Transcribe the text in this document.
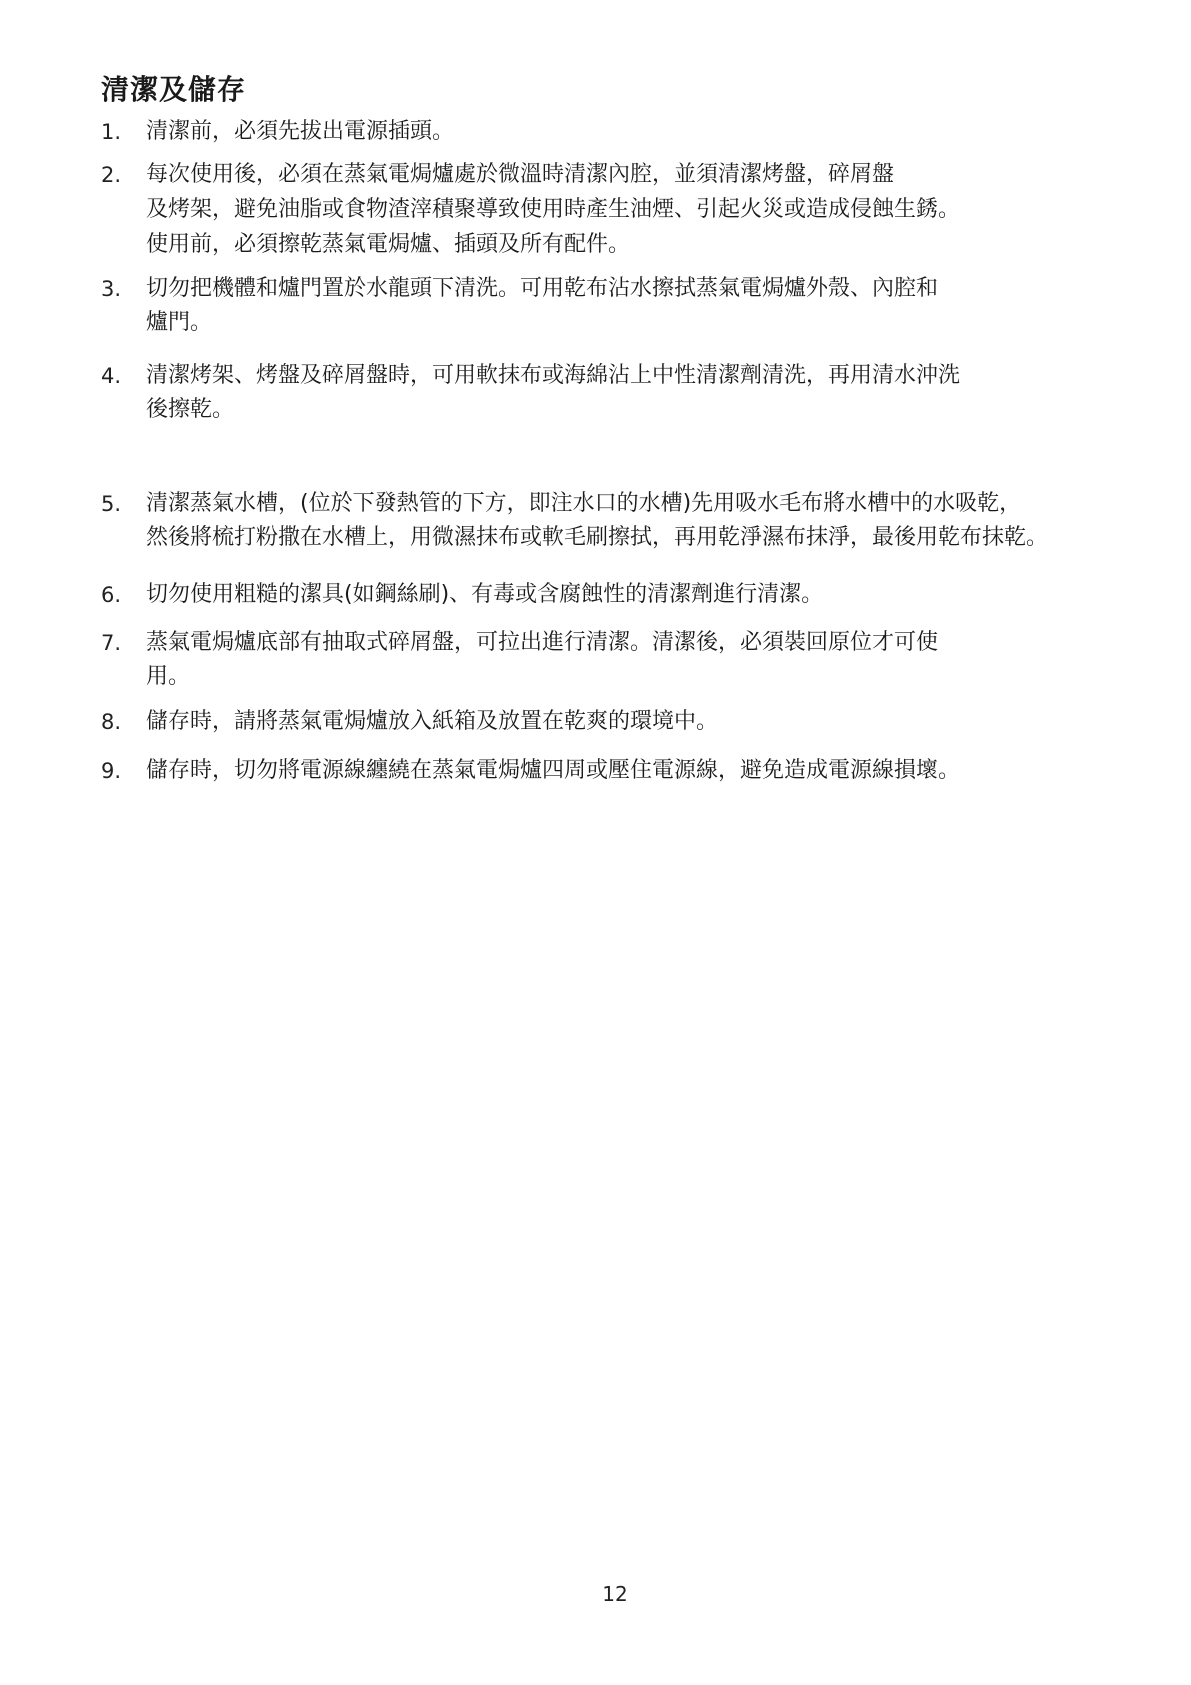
清潔及儲存
1. 清潔前，必須先拔出電源插頭。
2. 每次使用後，必須在蒸氣電焗爐處於微溫時清潔內腔，並須清潔烤盤，碎屑盤
及烤架，避免油脂或食物渣滓積聚導致使用時產生油煙、引起火災或造成侵蝕生銹。
使用前，必須擦乾蒸氣電焗爐、插頭及所有配件。
3. 切勿把機體和爐門置於水龍頭下清洗。可用乾布沾水擦拭蒸氣電焗爐外殼、內腔和
爐門。
4. 清潔烤架、烤盤及碎屑盤時，可用軟抹布或海綿沾上中性清潔劑清洗，再用清水沖洗
後擦乾。
5. 清潔蒸氣水槽，(位於下發熱管的下方，即注水口的水槽)先用吸水毛布將水槽中的水吸乾，
然後將梳打粉撒在水槽上，用微濕抹布或軟毛刷擦拭，再用乾淨濕布抹淨，最後用乾布抹乾。
6. 切勿使用粗糙的潔具(如鋼絲刷)、有毒或含腐蝕性的清潔劑進行清潔。
7. 蒸氣電焗爐底部有抽取式碎屑盤，可拉出進行清潔。清潔後，必須裝回原位才可使
用。
8. 儲存時，請將蒸氣電焗爐放入紙箱及放置在乾爽的環境中。
9. 儲存時，切勿將電源線纏繞在蒸氣電焗爐四周或壓住電源線，避免造成電源線損壞。
12
